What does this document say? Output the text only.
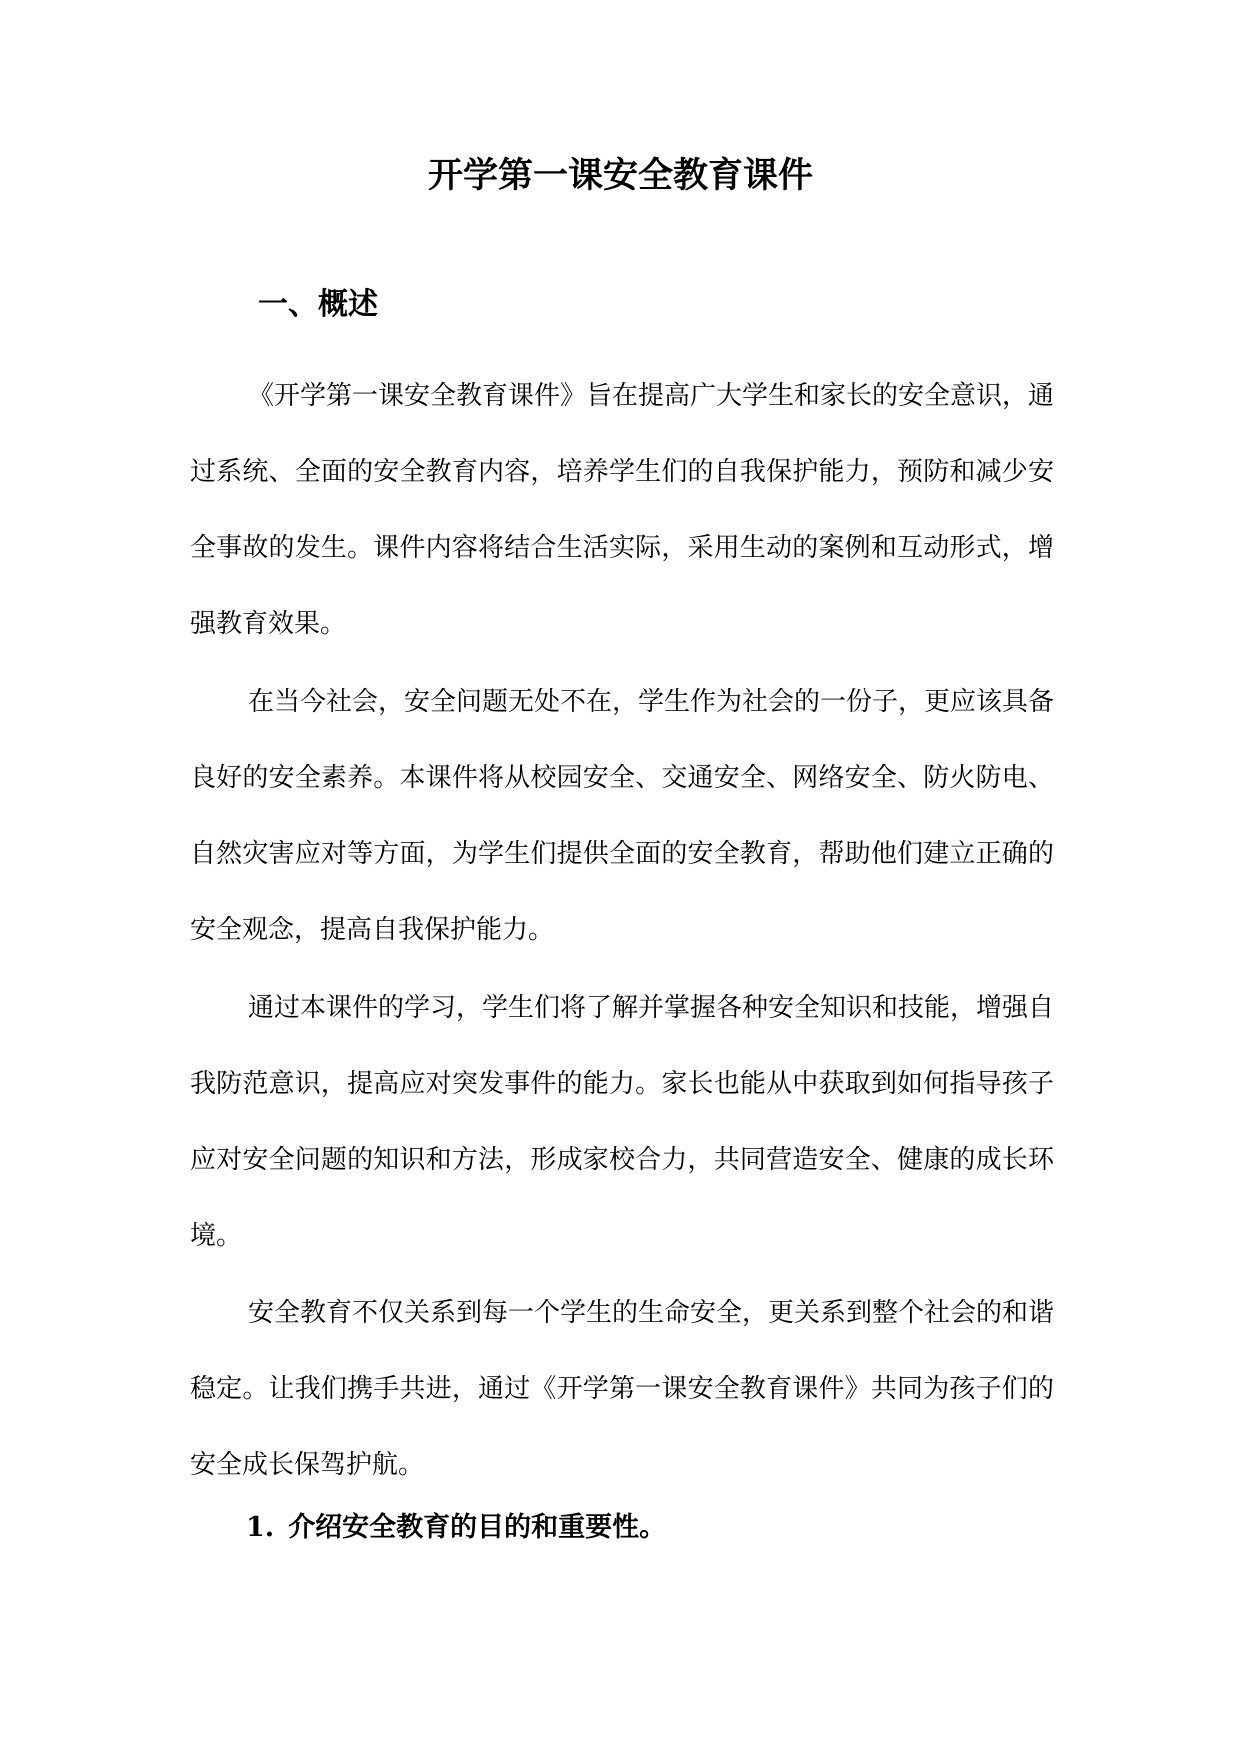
开学第一课安全教育课件
一、概述

《开学第一课安全教育课件》旨在提高广大学生和家长的安全意识，通过系统、全面的安全教育内容，培养学生们的自我保护能力，预防和减少安全事故的发生。课件内容将结合生活实际，采用生动的案例和互动形式，增强教育效果。

在当今社会，安全问题无处不在，学生作为社会的一份子，更应该具备良好的安全素养。本课件将从校园安全、交通安全、网络安全、防火防电、自然灾害应对等方面，为学生们提供全面的安全教育，帮助他们建立正确的安全观念，提高自我保护能力。

通过本课件的学习，学生们将了解并掌握各种安全知识和技能，增强自我防范意识，提高应对突发事件的能力。家长也能从中获取到如何指导孩子应对安全问题的知识和方法，形成家校合力，共同营造安全、健康的成长环境。

安全教育不仅关系到每一个学生的生命安全，更关系到整个社会的和谐稳定。让我们携手共进，通过《开学第一课安全教育课件》共同为孩子们的安全成长保驾护航。

1. 介绍安全教育的目的和重要性。
